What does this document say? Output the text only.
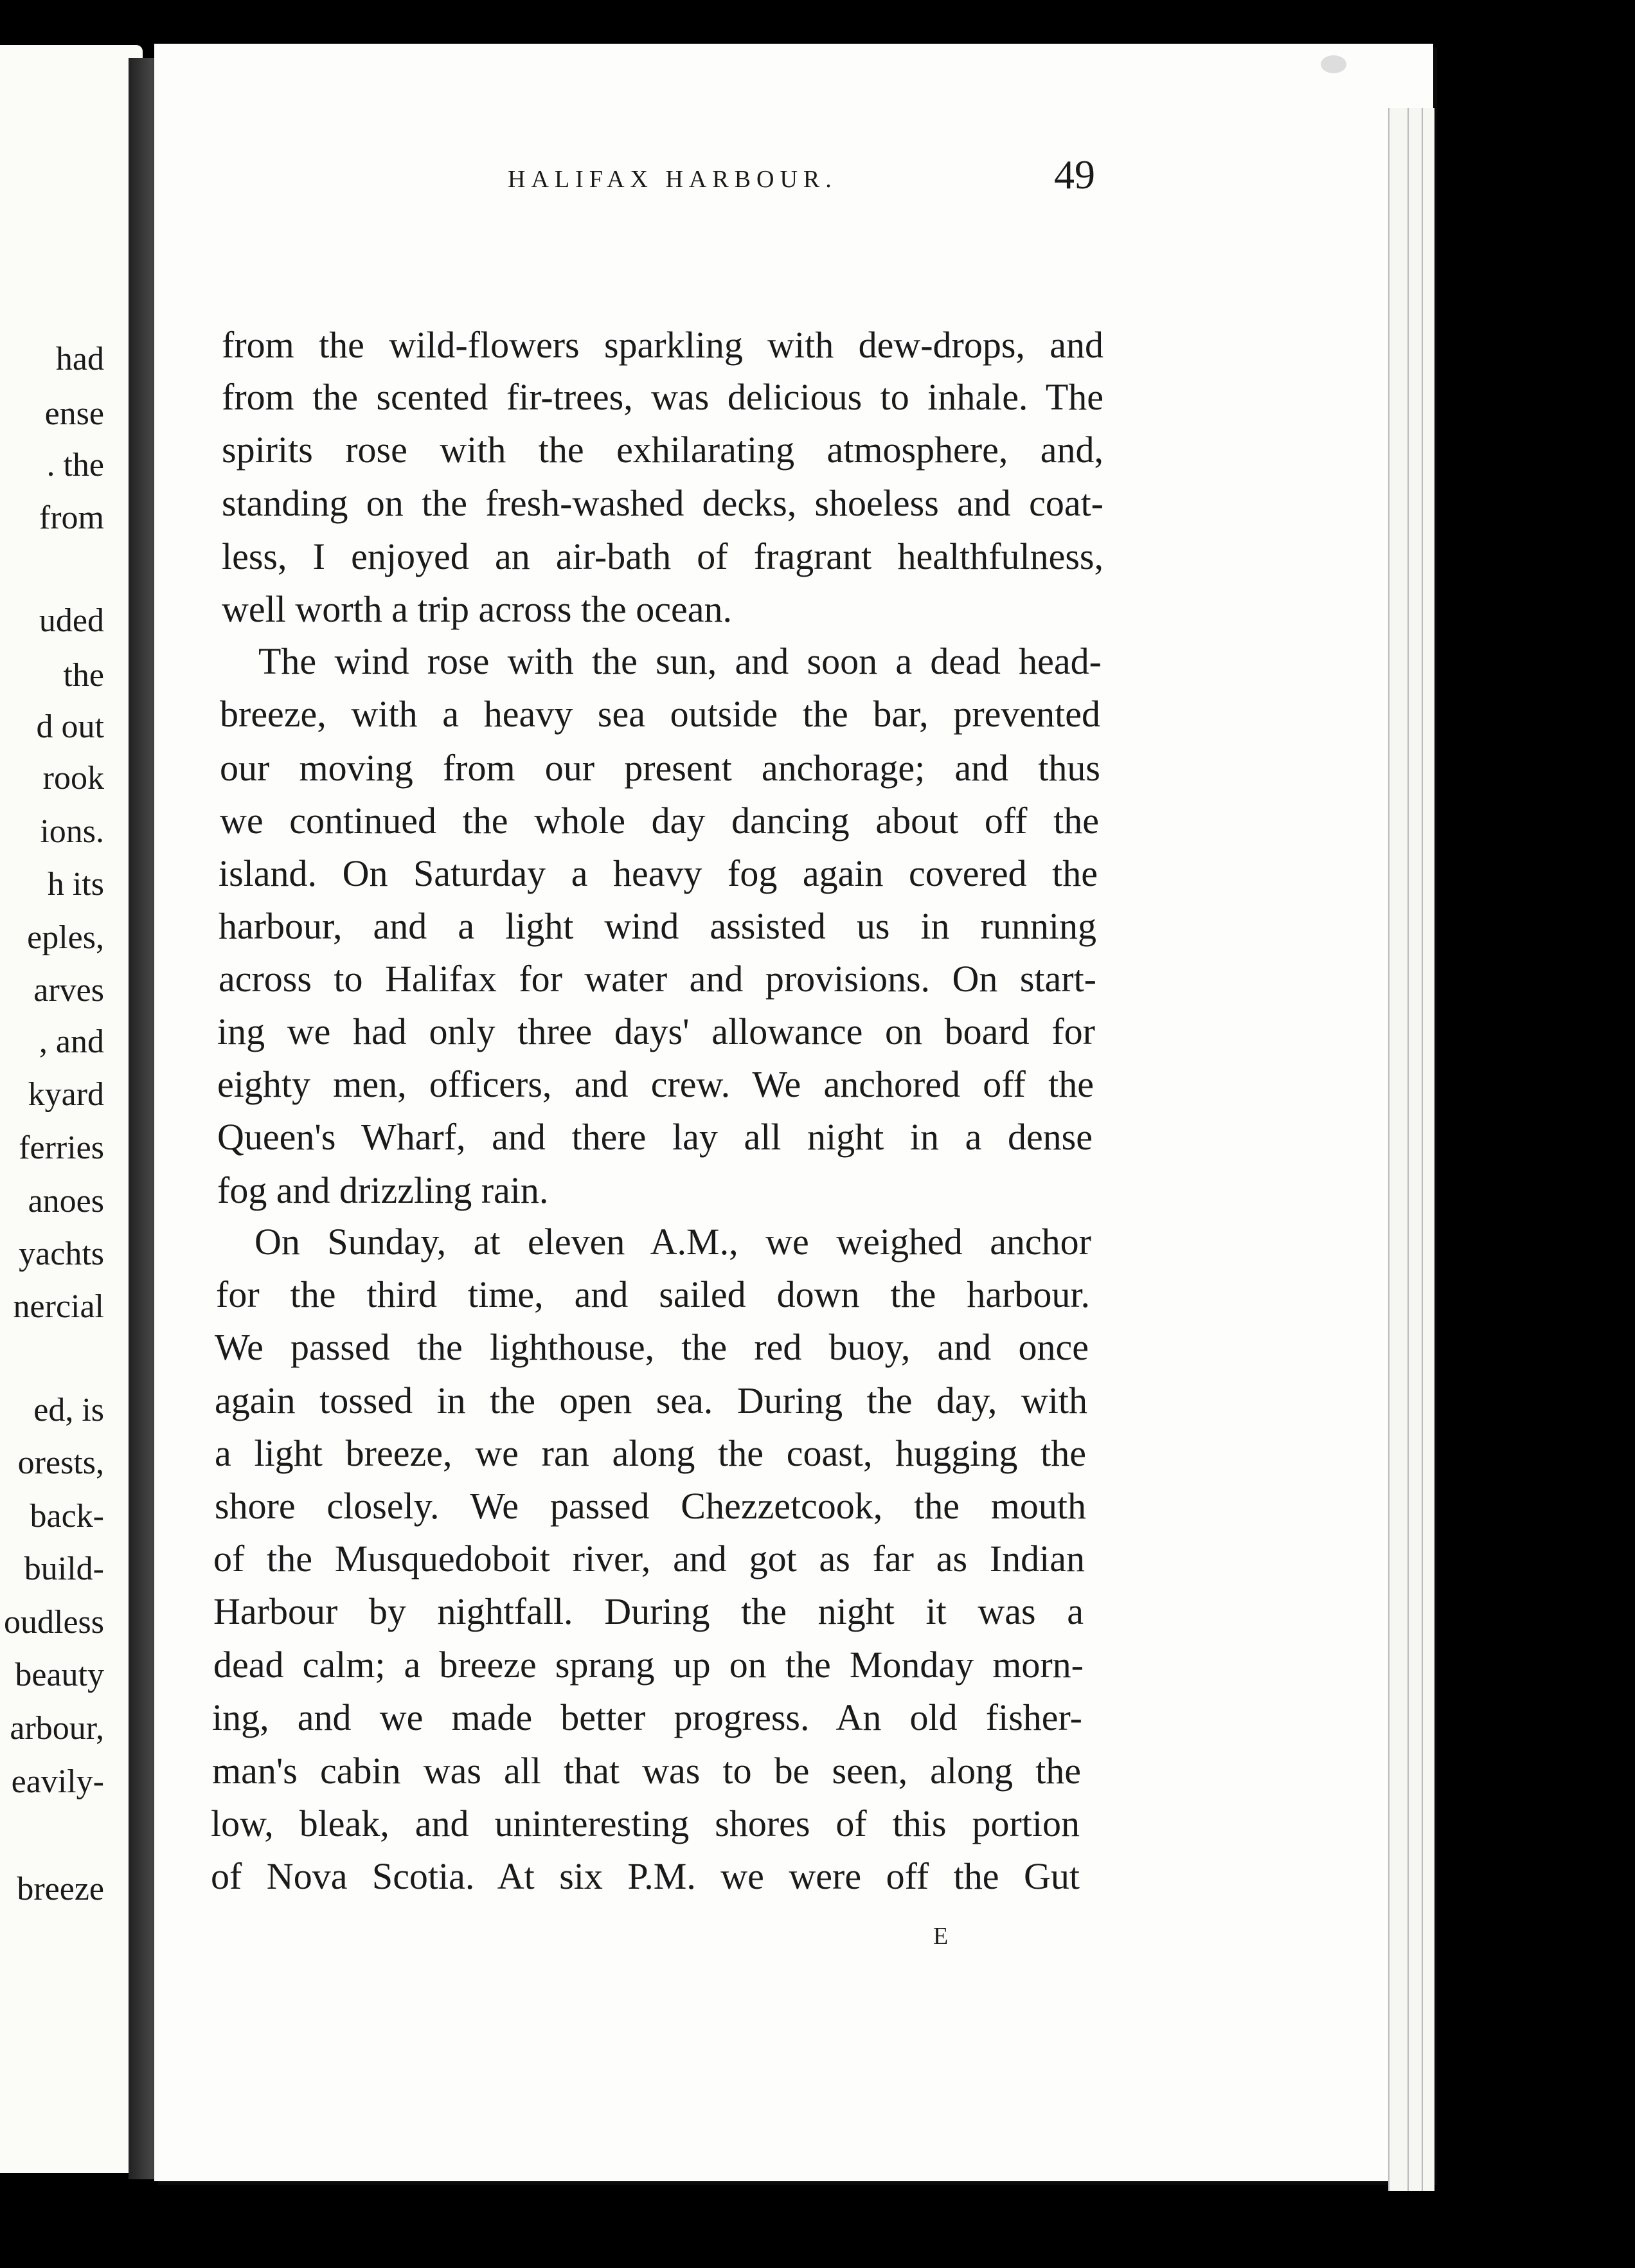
had
ense
. the
from
uded
the
d out
rook
ions.
h its
eples,
arves
, and
kyard
ferries
anoes
yachts
nercial
ed, is
orests,
back-
build-
oudless
beauty
arbour,
eavily-
breeze
HALIFAX HARBOUR.	49
from the wild-flowers sparkling with dew-drops, and
from the scented fir-trees, was delicious to inhale. The
spirits rose with the exhilarating atmosphere, and,
standing on the fresh-washed decks, shoeless and coat-
less, I enjoyed an air-bath of fragrant healthfulness,
well worth a trip across the ocean.
The wind rose with the sun, and soon a dead head-
breeze, with a heavy sea outside the bar, prevented
our moving from our present anchorage; and thus
we continued the whole day dancing about off the
island. On Saturday a heavy fog again covered the
harbour, and a light wind assisted us in running
across to Halifax for water and provisions. On start-
ing we had only three days' allowance on board for
eighty men, officers, and crew. We anchored off the
Queen's Wharf, and there lay all night in a dense
fog and drizzling rain.
On Sunday, at eleven A.M., we weighed anchor
for the third time, and sailed down the harbour.
We passed the lighthouse, the red buoy, and once
again tossed in the open sea. During the day, with
a light breeze, we ran along the coast, hugging the
shore closely. We passed Chezzetcook, the mouth
of the Musquedoboit river, and got as far as Indian
Harbour by nightfall. During the night it was a
dead calm; a breeze sprang up on the Monday morn-
ing, and we made better progress. An old fisher-
man's cabin was all that was to be seen, along the
low, bleak, and uninteresting shores of this portion
of Nova Scotia. At six P.M. we were off the Gut
E
